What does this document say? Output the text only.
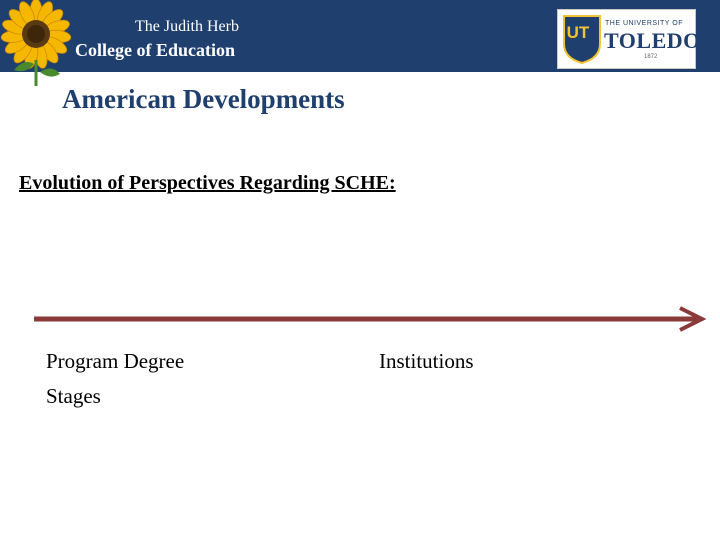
The Judith Herb
College of Education
UT	THE UNIVERSITY OF
TOLEDO
1872
American Developments
Evolution of Perspectives Regarding SCHE:
Program Degree
Stages
Institutions
